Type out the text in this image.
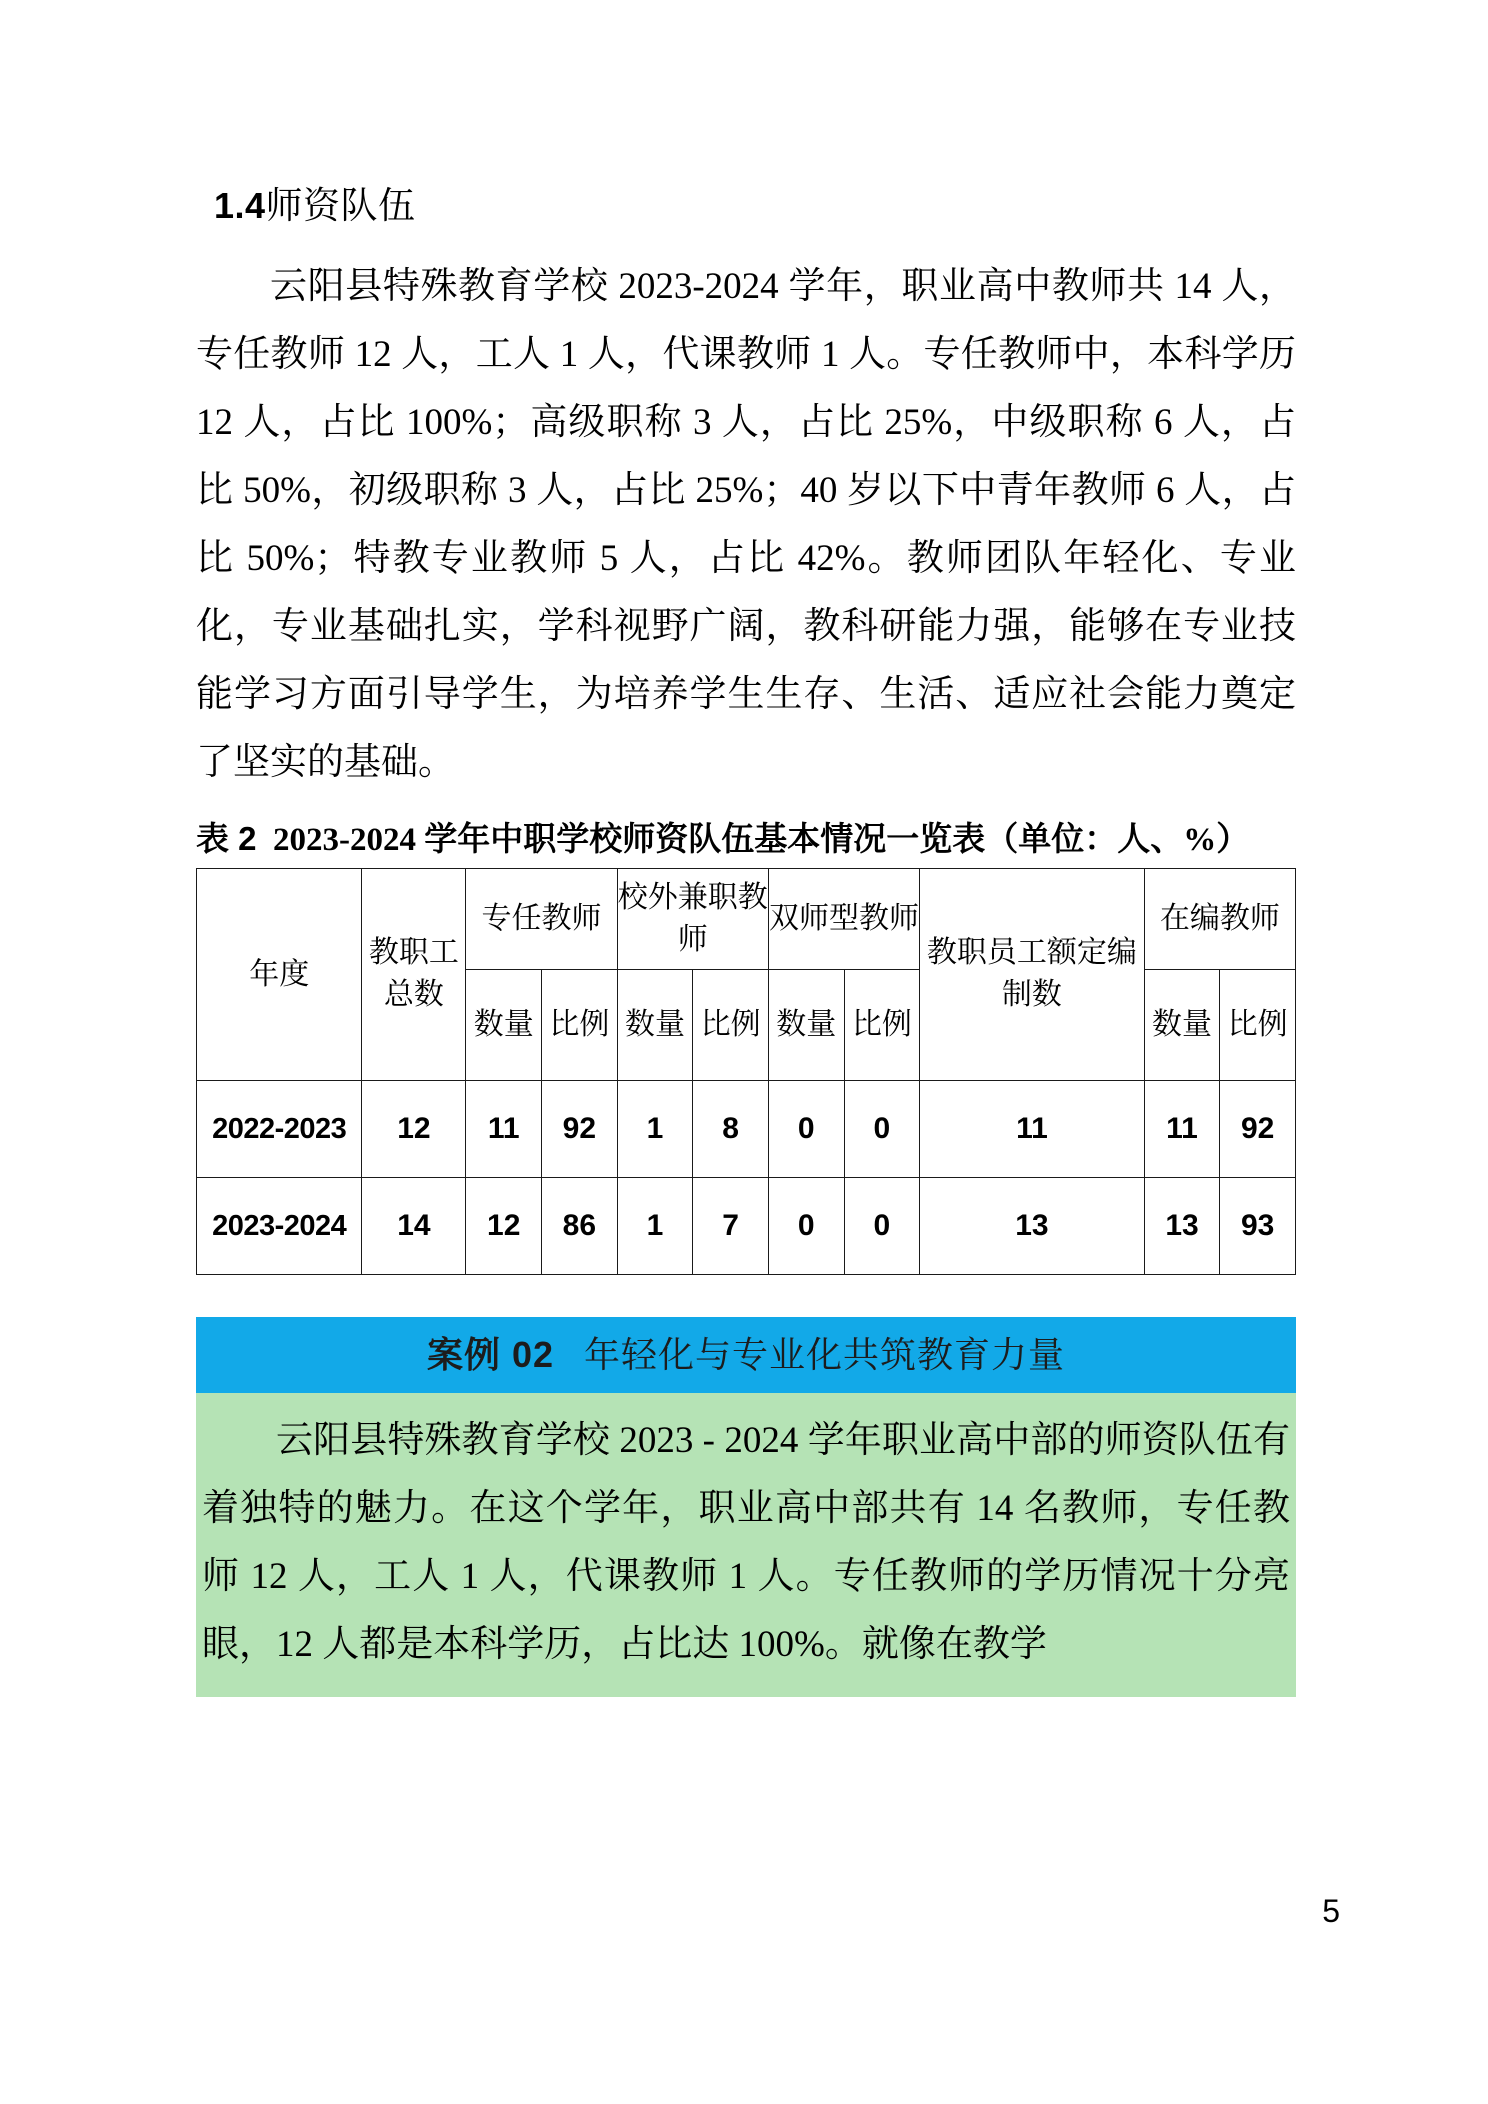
1.4师资队伍

云阳县特殊教育学校 2023-2024 学年，职业高中教师共 14 人，专任教师 12 人，工人 1 人，代课教师 1 人。专任教师中，本科学历 12 人，占比 100%；高级职称 3 人，占比 25%，中级职称 6 人，占比 50%，初级职称 3 人，占比 25%；40 岁以下中青年教师 6 人，占比 50%；特教专业教师 5 人，占比 42%。教师团队年轻化、专业化，专业基础扎实，学科视野广阔，教科研能力强，能够在专业技能学习方面引导学生，为培养学生生存、生活、适应社会能力奠定了坚实的基础。

表 2 2023-2024 学年中职学校师资队伍基本情况一览表（单位：人、%）
年度	教职工总数	专任教师		校外兼职教师		双师型教师		教职员工额定编制数	在编教师	
		数量	比例	数量	比例	数量	比例		数量	比例
2022-2023	12	11	92	1	8	0	0	11	11	92
2023-2024	14	12	86	1	7	0	0	13	13	93
案例 02 年轻化与专业化共筑教育力量

云阳县特殊教育学校 2023 - 2024 学年职业高中部的师资队伍有着独特的魅力。在这个学年，职业高中部共有 14 名教师，专任教师 12 人，工人 1 人，代课教师 1 人。专任教师的学历情况十分亮眼，12 人都是本科学历，占比达 100%。就像在教学

5
